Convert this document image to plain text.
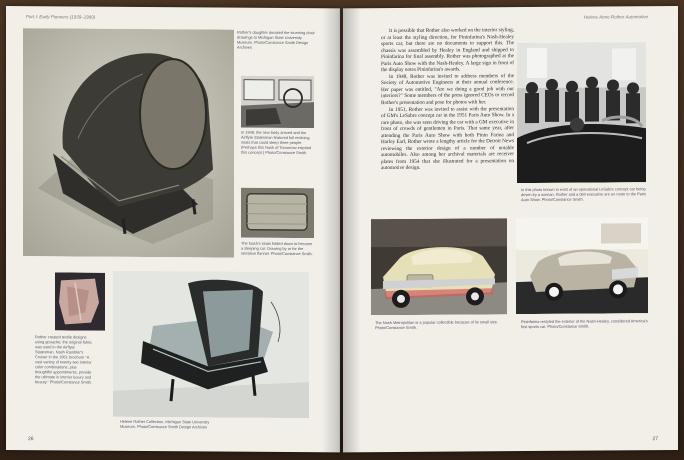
Part I: Early Pioneers (1939–1960)
Rother's daughter donated the stunning chair drawings to Michigan State University Museum. Photo/Constance Smith Design Archives
In 1949, the new body arrived and the Airflyte Statesman featured full reclining seats that could sleep three people. (Perhaps this Nash of Tomorrow inspired this concept.) Photo/Constance Smith.
The Nash's seats folded down to become a sleeping car. Drawing by or for the sensitive flannel. Photo/Constance Smith.
Rother created textile designs using gouache; the original fabric was used in the Airflyte Statesman. Nash Rambler's Cruiser in the 1951 brochure "A vast variety of twenty-two interior color combinations, plus thoughtful appointments, provide the ultimate in interior luxury and beauty." Photo/Constance Smith.
Helene Rother Collection, Michigan State University Museum. Photo/Constance Smith Design Archives
26
Helene Anne Rother Automotive

It is possible that Rother also worked on the interior styling, or at least the styling direction, for Pininfarina's Nash-Healey sports car, but there are no documents to support this. The chassis was assembled by Healey in England and shipped to Pininfarina for final assembly. Rother was photographed at the Paris Auto Show with the Nash-Healey. A large sign in front of the display notes Pininfarina's awards.

In 1948, Rother was invited to address members of the Society of Automotive Engineers at their annual conference. Her paper was entitled, "Are we doing a good job with our interiors?" Some members of the press ignored CEOs to record Rother's presentation and pose for photos with her.

In 1951, Rother was invited to assist with the presentation of GM's LeSabre concept car in the 1951 Paris Auto Show. In a rare photo, she was seen driving the car with a GM executive in front of crowds of gentlemen in Paris. That same year, after attending the Paris Auto Show with both Pinin Farina and Harley Earl, Rother wrote a lengthy article for the Detroit News reviewing the exterior design of a number of notable automobiles. Also among her archival materials are receiver plates from 1954 that she illustrated for a presentation on automotive design.

In this photo known to exist of an operational LeSabre concept car being driven by a woman, Rother and a GM executive are en route to the Paris Auto Show. Photo/Constance Smith.
The Nash Metropolitan is a popular collectible because of its small size. Photo/Constance Smith.
Pininfarina restyled the exterior of the Nash-Healey, considered America's first sports car. Photo/Constance Smith.
27
